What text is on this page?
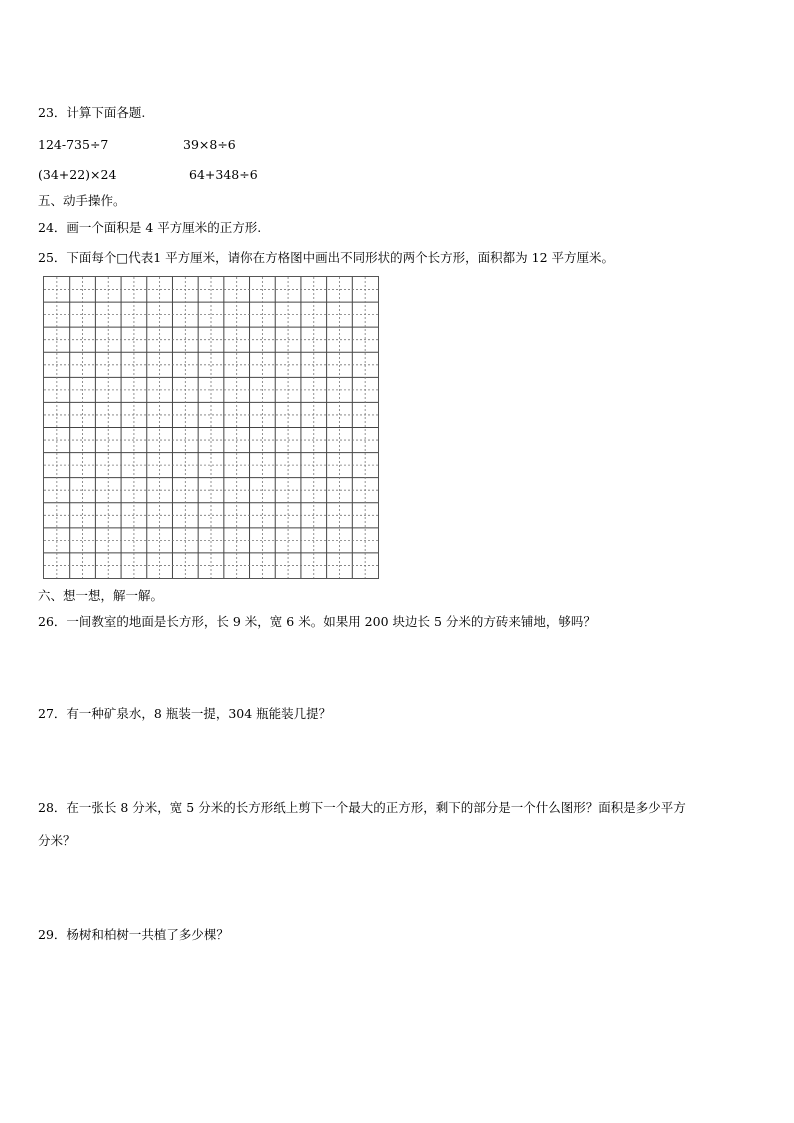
23．计算下面各题.
124-735÷7	39×8÷6
(34+22)×24	64+348÷6
五、动手操作。
24．画一个面积是 4 平方厘米的正方形.
25．下面每个□代表1 平方厘米，请你在方格图中画出不同形状的两个长方形，面积都为 12 平方厘米。
六、想一想，解一解。
26．一间教室的地面是长方形，长 9 米，宽 6 米。如果用 200 块边长 5 分米的方砖来铺地，够吗？
27．有一种矿泉水，8 瓶装一提，304 瓶能装几提？
28．在一张长 8 分米，宽 5 分米的长方形纸上剪下一个最大的正方形，剩下的部分是一个什么图形？面积是多少平方
分米？
29．杨树和柏树一共植了多少棵？
